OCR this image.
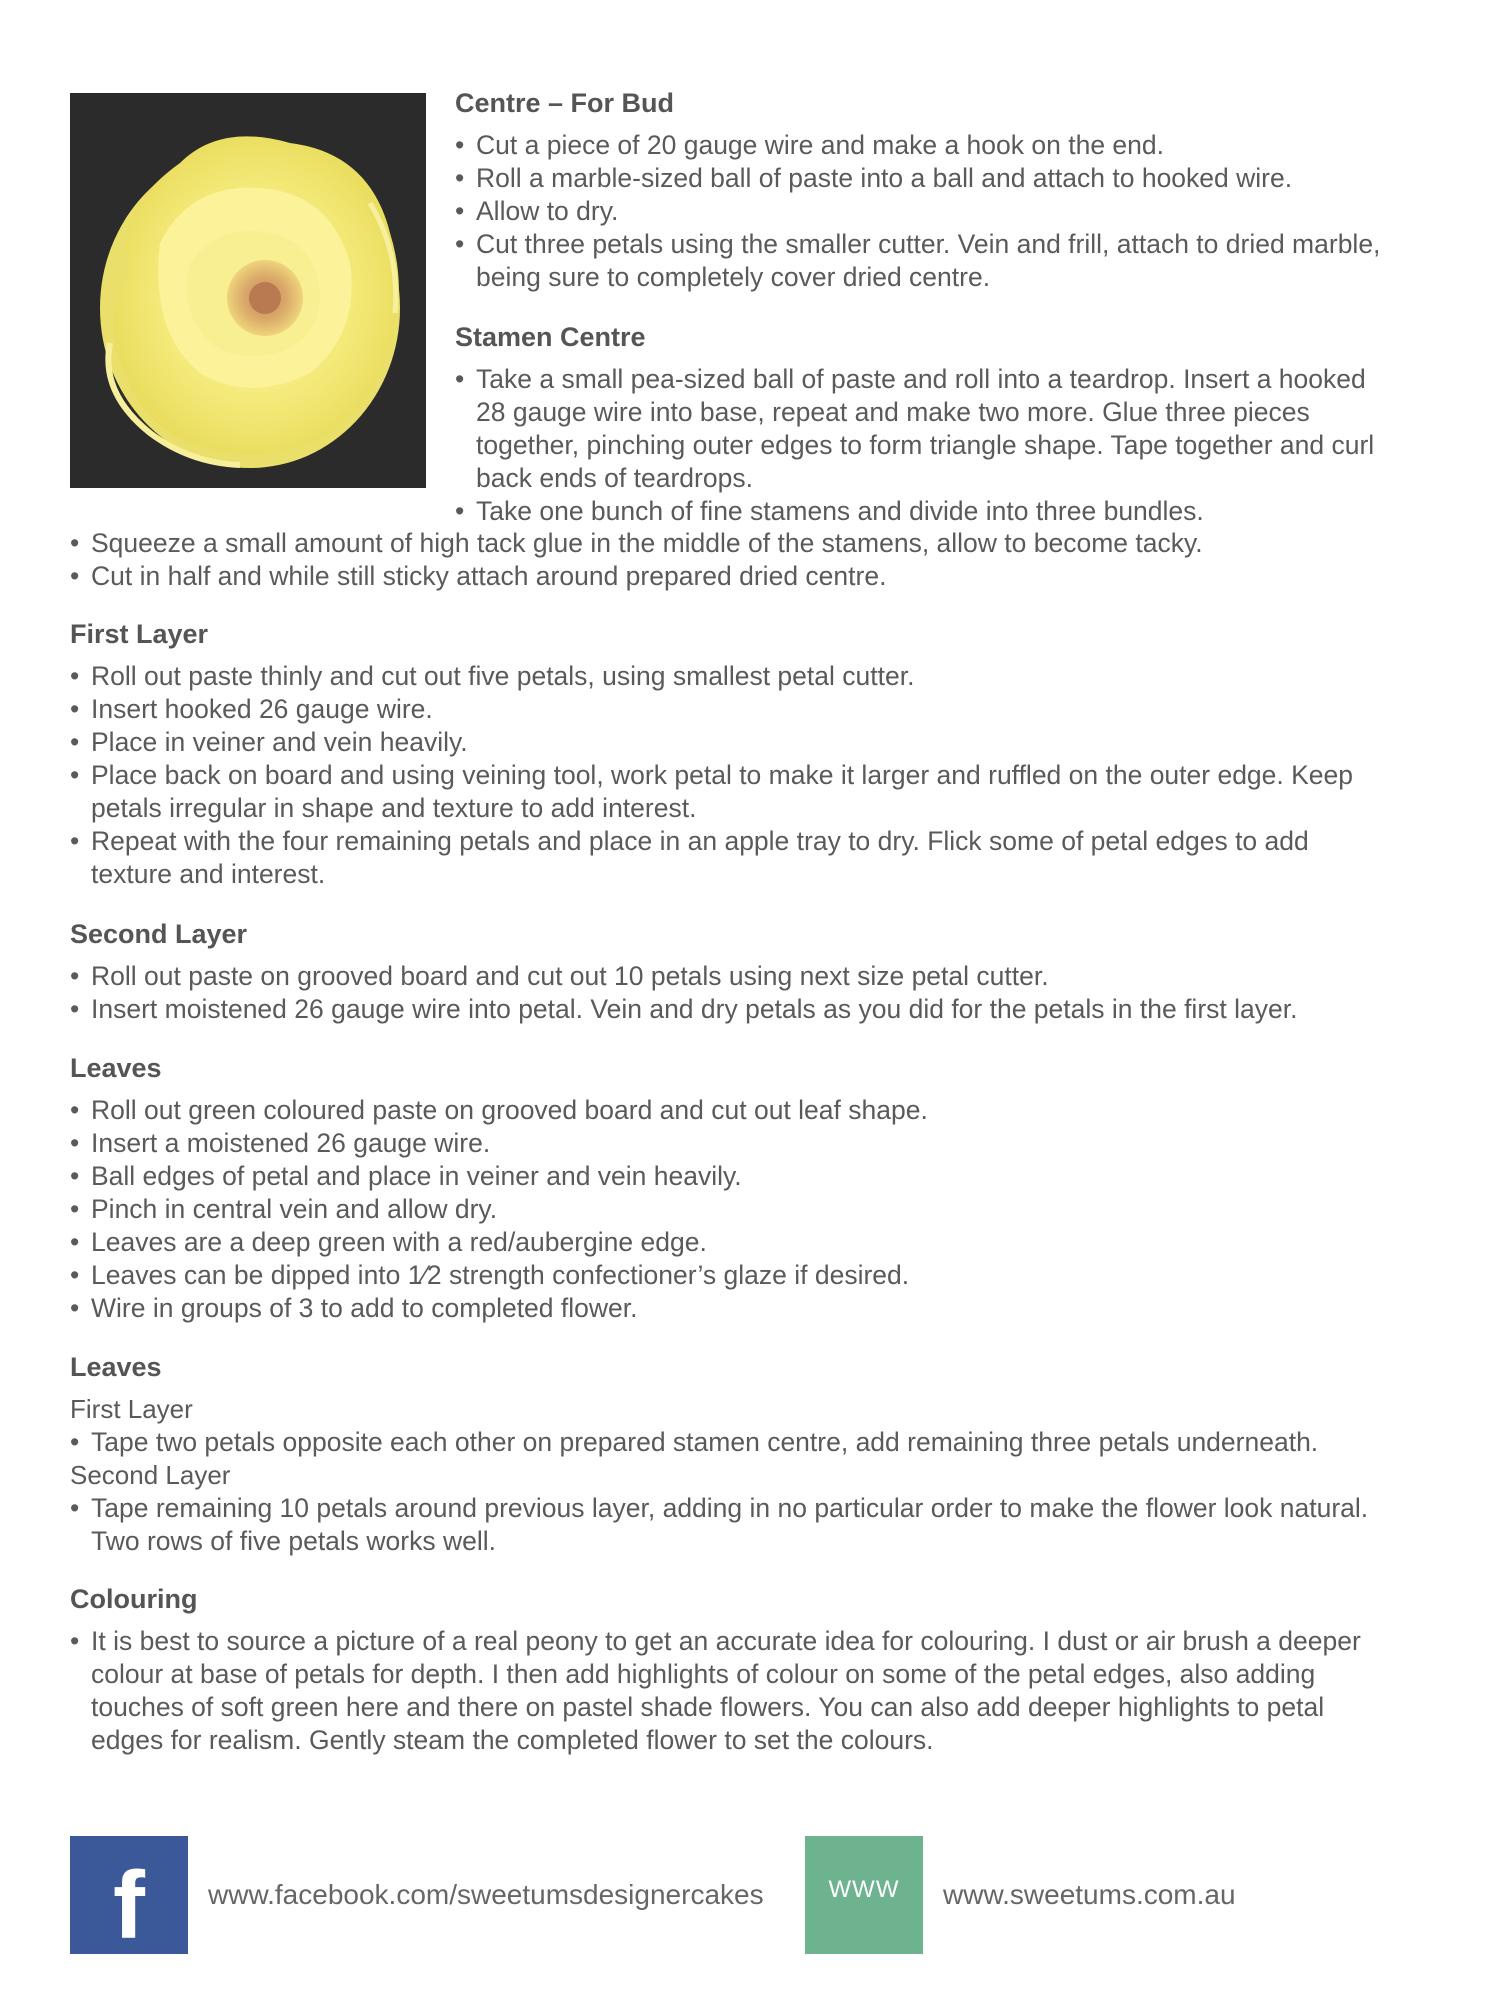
Centre – For Bud

• Cut a piece of 20 gauge wire and make a hook on the end.
• Roll a marble-sized ball of paste into a ball and attach to hooked wire.
• Allow to dry.
• Cut three petals using the smaller cutter. Vein and frill, attach to dried marble,
being sure to completely cover dried centre.

Stamen Centre

• Take a small pea-sized ball of paste and roll into a teardrop. Insert a hooked
28 gauge wire into base, repeat and make two more. Glue three pieces
together, pinching outer edges to form triangle shape. Tape together and curl
back ends of teardrops.
• Take one bunch of fine stamens and divide into three bundles.
• Squeeze a small amount of high tack glue in the middle of the stamens, allow to become tacky.
• Cut in half and while still sticky attach around prepared dried centre.

First Layer

• Roll out paste thinly and cut out five petals, using smallest petal cutter.
• Insert hooked 26 gauge wire.
• Place in veiner and vein heavily.
• Place back on board and using veining tool, work petal to make it larger and ruffled on the outer edge. Keep
petals irregular in shape and texture to add interest.
• Repeat with the four remaining petals and place in an apple tray to dry. Flick some of petal edges to add
texture and interest.

Second Layer

• Roll out paste on grooved board and cut out 10 petals using next size petal cutter.
• Insert moistened 26 gauge wire into petal. Vein and dry petals as you did for the petals in the first layer.

Leaves

• Roll out green coloured paste on grooved board and cut out leaf shape.
• Insert a moistened 26 gauge wire.
• Ball edges of petal and place in veiner and vein heavily.
• Pinch in central vein and allow dry.
• Leaves are a deep green with a red/aubergine edge.
• Leaves can be dipped into 1⁄2 strength confectioner’s glaze if desired.
• Wire in groups of 3 to add to completed flower.

Leaves

First Layer

• Tape two petals opposite each other on prepared stamen centre, add remaining three petals underneath.

Second Layer

• Tape remaining 10 petals around previous layer, adding in no particular order to make the flower look natural.
Two rows of five petals works well.

Colouring

• It is best to source a picture of a real peony to get an accurate idea for colouring. I dust or air brush a deeper
colour at base of petals for depth. I then add highlights of colour on some of the petal edges, also adding
touches of soft green here and there on pastel shade flowers. You can also add deeper highlights to petal
edges for realism. Gently steam the completed flower to set the colours.
f www.facebook.com/sweetumsdesignercakes	WWW www.sweetums.com.au
